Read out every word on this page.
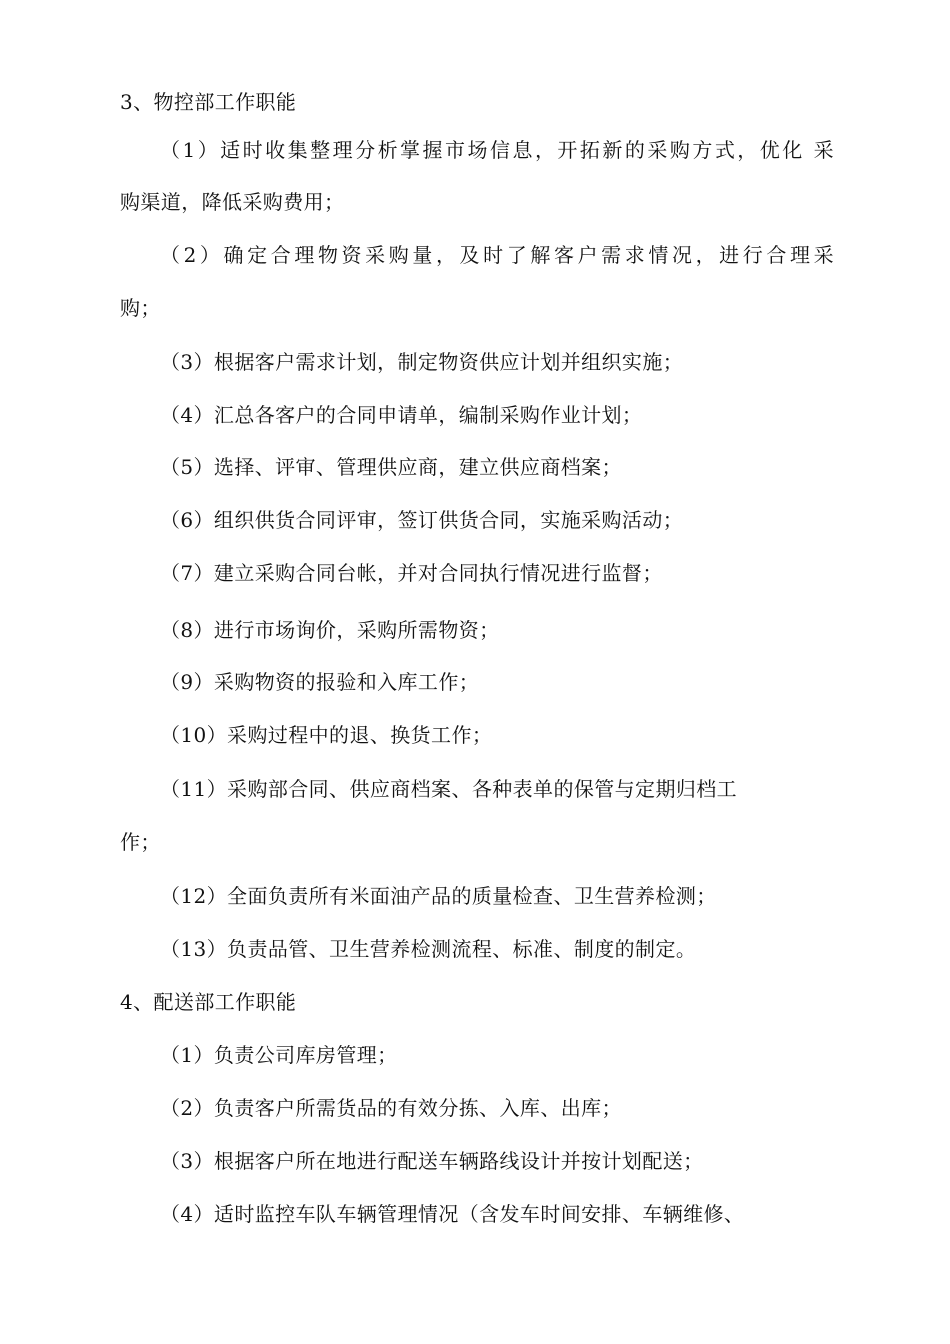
3、物控部工作职能
（1）适时收集整理分析掌握市场信息，开拓新的采购方式，优化 采
购渠道，降低采购费用；
（2）确定合理物资采购量，及时了解客户需求情况，进行合理采
购；
（3）根据客户需求计划，制定物资供应计划并组织实施；
（4）汇总各客户的合同申请单，编制采购作业计划；
（5）选择、评审、管理供应商，建立供应商档案；
（6）组织供货合同评审，签订供货合同，实施采购活动；
（7）建立采购合同台帐，并对合同执行情况进行监督；
（8）进行市场询价，采购所需物资；
（9）采购物资的报验和入库工作；
（10）采购过程中的退、换货工作；
（11）采购部合同、供应商档案、各种表单的保管与定期归档工
作；
（12）全面负责所有米面油产品的质量检查、卫生营养检测；
（13）负责品管、卫生营养检测流程、标准、制度的制定。
4、配送部工作职能
（1）负责公司库房管理；
（2）负责客户所需货品的有效分拣、入库、出库；
（3）根据客户所在地进行配送车辆路线设计并按计划配送；
（4）适时监控车队车辆管理情况（含发车时间安排、车辆维修、
